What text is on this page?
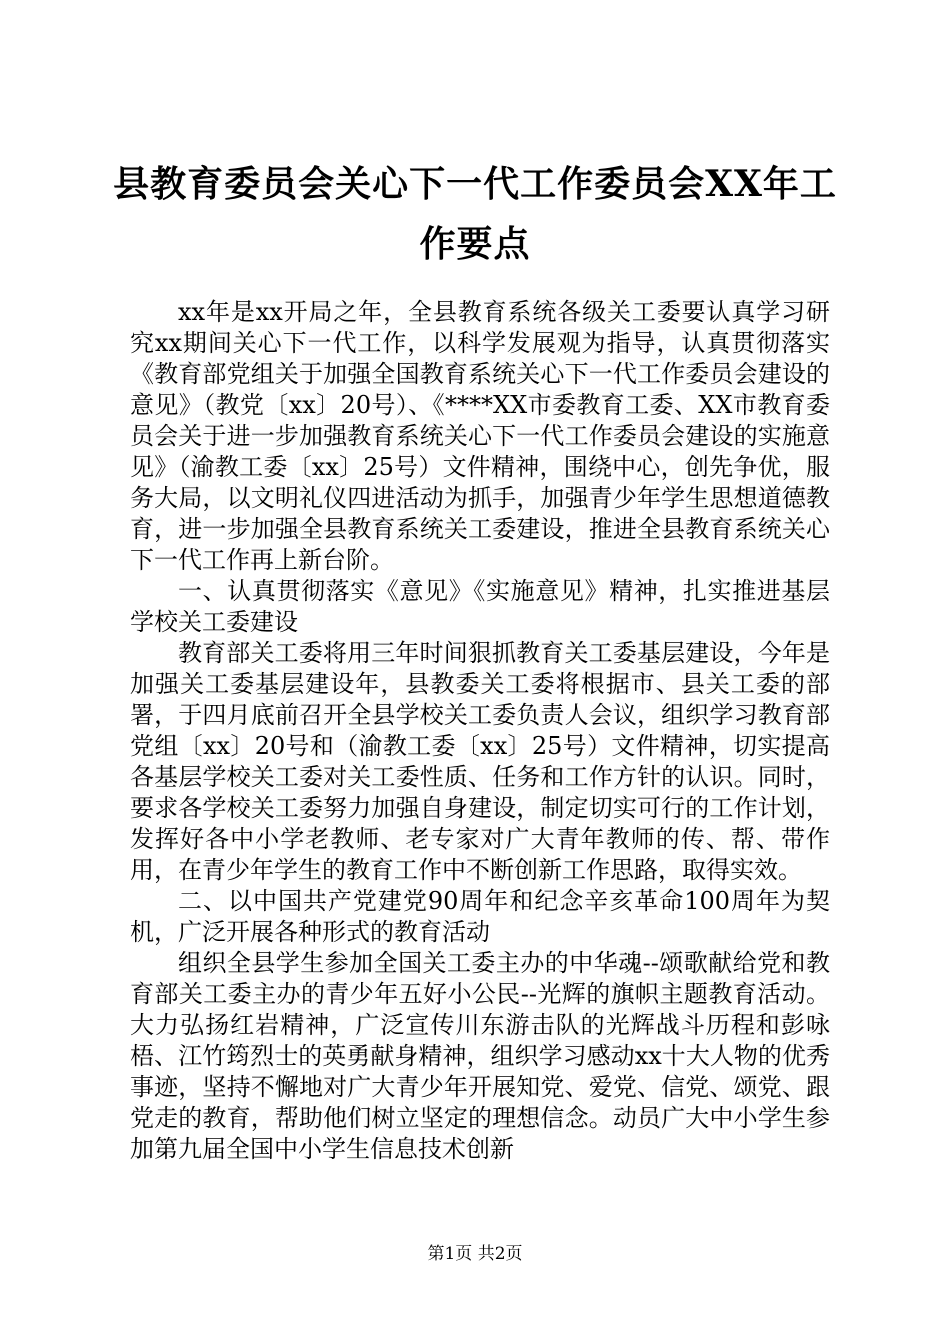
县教育委员会关心下一代工作委员会XX年工
作要点

xx年是xx开局之年，全县教育系统各级关工委要认真学习研究xx期间关心下一代工作，以科学发展观为指导，认真贯彻落实《教育部党组关于加强全国教育系统关心下一代工作委员会建设的意见》（教党〔xx〕20号）、《****XX市委教育工委、XX市教育委员会关于进一步加强教育系统关心下一代工作委员会建设的实施意见》（渝教工委〔xx〕25号）文件精神，围绕中心，创先争优，服务大局，以文明礼仪四进活动为抓手，加强青少年学生思想道德教育，进一步加强全县教育系统关工委建设，推进全县教育系统关心下一代工作再上新台阶。

一、认真贯彻落实《意见》《实施意见》精神，扎实推进基层学校关工委建设

教育部关工委将用三年时间狠抓教育关工委基层建设，今年是加强关工委基层建设年，县教委关工委将根据市、县关工委的部署，于四月底前召开全县学校关工委负责人会议，组织学习教育部党组〔xx〕20号和（渝教工委〔xx〕25号）文件精神，切实提高各基层学校关工委对关工委性质、任务和工作方针的认识。同时，要求各学校关工委努力加强自身建设，制定切实可行的工作计划，发挥好各中小学老教师、老专家对广大青年教师的传、帮、带作用，在青少年学生的教育工作中不断创新工作思路，取得实效。

二、以中国共产党建党90周年和纪念辛亥革命100周年为契机，广泛开展各种形式的教育活动

组织全县学生参加全国关工委主办的中华魂--颂歌献给党和教育部关工委主办的青少年五好小公民--光辉的旗帜主题教育活动。大力弘扬红岩精神，广泛宣传川东游击队的光辉战斗历程和彭咏梧、江竹筠烈士的英勇献身精神，组织学习感动xx十大人物的优秀事迹，坚持不懈地对广大青少年开展知党、爱党、信党、颂党、跟党走的教育，帮助他们树立坚定的理想信念。动员广大中小学生参加第九届全国中小学生信息技术创新

第1页 共2页
